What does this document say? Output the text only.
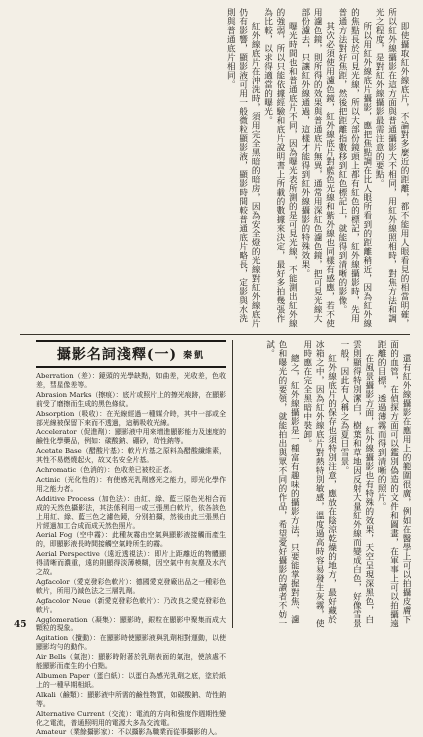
即使攝取紅外線底片，不論對多麼近的距離，都不能用人眼看見的相當明確，所以紅外線攝影在這方面與普通攝影大不相同，用紅外線照相時，對焦方法和調光之程度，是對紅外線攝影最需注意的要點。

所以用紅外線底片攝影，應把焦點調在比人眼所看到的距離稍近，因為紅外線的焦點長於可見光線，所以大部份鏡頭上都有紅色的標記，紅外線攝影時，先用普通方法對好焦距，然後把距離指數移到紅色標記上，就能得到清晰的影像。

其次必須使用濾色鏡，紅外線底片對藍色光線和紫外線也同樣有感應，若不使用濾色鏡，則所得的效果與普通底片無異，通常用深紅色濾色鏡，把可見光線大部份濾去，只讓紅外線通過，這樣才能得到紅外線攝影的特殊效果。

曝光時間也和普通底片不同，因為曝光表所測的是可見光線，不能測出紅外線的強弱，所以只能依據經驗和底片說明書上所載的數據來決定，最好多拍幾張作為比較，以求得適當的曝光。

紅外線底片在沖洗時，須用完全黑暗的暗房，因為安全燈的光線對紅外線底片仍有影響，顯影液可用一般微粒顯影液，顯影時間較普通底片略長，定影與水洗則與普通底片相同。

攝影名詞淺釋(一) 秦凱
Aberration（差）：鏡頭的光學缺點，如曲差，光收差，色收差，彗星像差等。
Abrasion Marks（擦痕）：底片或照片上的擦光痕跡，在顯影前受了磨擦而生成的黑色條紋。
Absorption（吸收）：在光線經過一種媒介時，其中一部或全部光線被保留下來而不透過，這稱吸收光線。
Accelerator（促進劑）：顯影液中用來增進顯影能力及速度的鹼性化學藥品，例如：碳酸鈉、硼砂，苛性鈉等。
Acetate Base（醋酸片基）：軟片片基之原料為醋酸纖維素，其性不易燃燒起火，故又名安全片基。
Achromatic（色消的）：色收差已被校正者。
Actinic（光化性的）：有使感光乳劑感光之能力，即光化學作用之能力者。
Additive Process（加色法）：由紅、綠、藍三原色光相合而成的天然色攝影法，其法係利用一或三張黑白軟片，依各該色上用紅、綠、藍三色之濾色鏡，分別拍攝，然後由此三張黑白片經過加工合成而成天然色照片。
Aerial Fog（空中霧）：此種灰霧由空氣與顯影液接觸而產生的，即顯影液長時間接觸空氣時所生的霧。
Aerial Perspective（遠近透視法）：即片上距離近的物體顯得清晰而濃重，遠的則顯得淡薄模糊，因空氣中有灰塵及水汽之故。
Agfacolor（愛克發彩色軟片）：德國愛克發廠出品之一種彩色軟片，所用乃減色法之三層乳劑。
Agfacolor Neue（新愛克發彩色軟片）：乃改良之愛克發彩色軟片。
Agglomeration（凝集）：顯影時，銀粒在顯影中聚集而成大顆粒的現象。
Agitation（攪動）：在顯影時使顯影液與乳劑相對運動，以使顯影均勻的動作。
Air Bells（氣泡）：顯影時附著於乳劑表面的氣泡，使該處不能顯影而產生的小白點。
Albumen Paper（蛋白紙）：以蛋白為感光乳劑之底，塗於紙上的一種早期相紙。
Alkali（鹼類）：顯影液中所需的鹼性物質，如碳酸鈉、苛性鈉等。
Alternative Current（交流）：電流的方向和強度作週期性變化之電流，普通照明用的電源大多為交流電。
Amateur（業餘攝影家）：不以攝影為職業而從事攝影的人。

還有紅外線攝影在應用上的範圍很廣，例如在醫學上可以拍攝皮膚下面的血管，在偵探方面可以鑑別偽造的文件和圖畫，在軍事上可以拍攝遠距離的目標，透過薄霧而得到清晰的照片。

在風景攝影方面，紅外線攝影也有特殊的效果，天空呈現深黑色，白雲則顯得特別潔白，樹葉和草地因反射大量紅外線而變成白色，好像雪景一般，因此有人稱之為夏日雪景。

紅外線底片的保存也須特別注意，應放在陰涼乾燥的地方，最好藏於冰箱之中，因為紅外線底片對熱特別敏感，溫度過高時容易發生灰霧，使用時應在完全黑暗中裝卸。

總之，紅外線攝影是一種富有趣味的攝影方法，只要能掌握對焦、濾色和曝光的要領，就能拍出與眾不同的作品，希望愛好攝影的讀者不妨一試。

45
